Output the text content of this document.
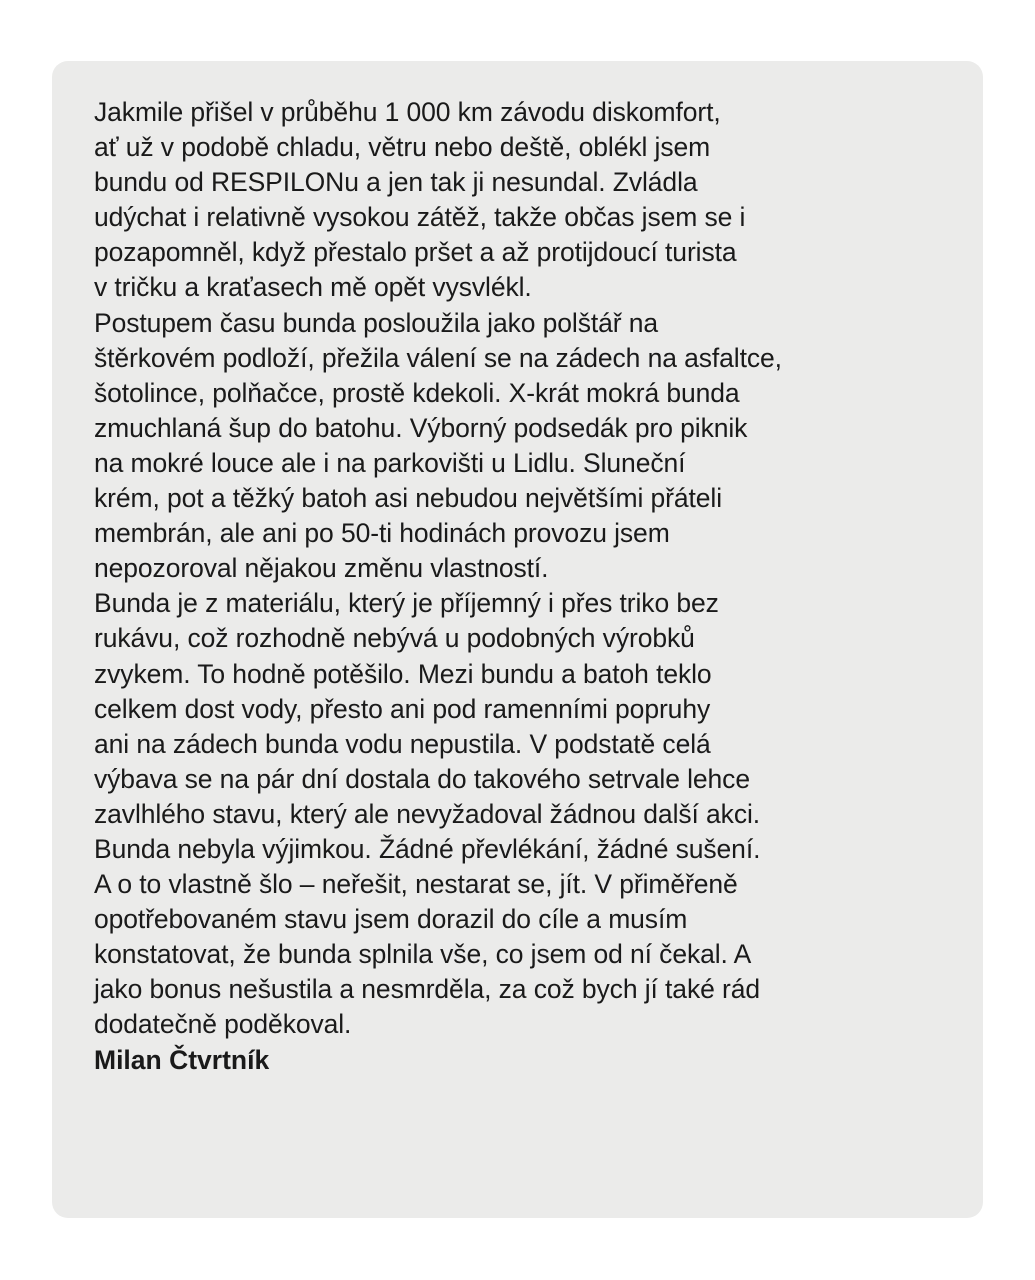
Jakmile přišel v průběhu 1 000 km závodu diskomfort,
ať už v podobě chladu, větru nebo deště, oblékl jsem
bundu od RESPILONu a jen tak ji nesundal. Zvládla
udýchat i relativně vysokou zátěž, takže občas jsem se i
pozapomněl, když přestalo pršet a až protijdoucí turista
v tričku a kraťasech mě opět vysvlékl.
Postupem času bunda posloužila jako polštář na
štěrkovém podloží, přežila válení se na zádech na asfaltce,
šotolince, polňačce, prostě kdekoli. X-krát mokrá bunda
zmuchlaná šup do batohu. Výborný podsedák pro piknik
na mokré louce ale i na parkovišti u Lidlu. Sluneční
krém, pot a těžký batoh asi nebudou největšími přáteli
membrán, ale ani po 50-ti hodinách provozu jsem
nepozoroval nějakou změnu vlastností.
Bunda je z materiálu, který je příjemný i přes triko bez
rukávu, což rozhodně nebývá u podobných výrobků
zvykem. To hodně potěšilo. Mezi bundu a batoh teklo
celkem dost vody, přesto ani pod ramenními popruhy
ani na zádech bunda vodu nepustila. V podstatě celá
výbava se na pár dní dostala do takového setrvale lehce
zavlhlého stavu, který ale nevyžadoval žádnou další akci.
Bunda nebyla výjimkou. Žádné převlékání, žádné sušení.
A o to vlastně šlo – neřešit, nestarat se, jít. V přiměřeně
opotřebovaném stavu jsem dorazil do cíle a musím
konstatovat, že bunda splnila vše, co jsem od ní čekal. A
jako bonus nešustila a nesmrděla, za což bych jí také rád
dodatečně poděkoval.
Milan Čtvrtník
